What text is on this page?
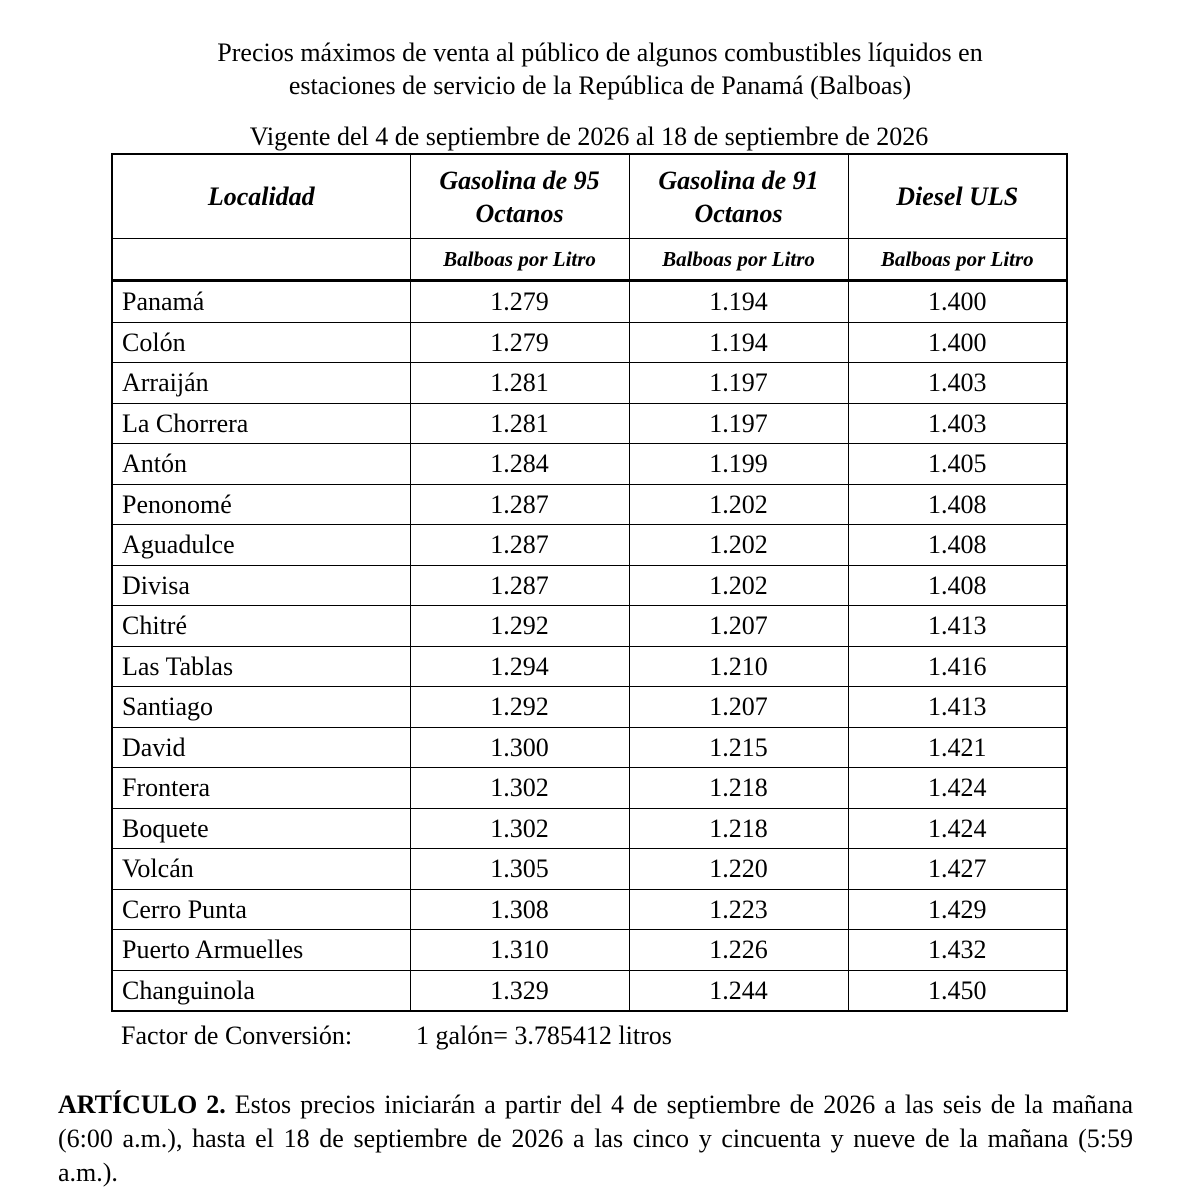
Precios máximos de venta al público de algunos combustibles líquidos en
estaciones de servicio de la República de Panamá (Balboas)
Vigente del 4 de septiembre de 2026 al 18 de septiembre de 2026
Localidad	Gasolina de 95 Octanos	Gasolina de 91 Octanos	Diesel ULS
	Balboas por Litro	Balboas por Litro	Balboas por Litro
Panamá	1.279	1.194	1.400
Colón	1.279	1.194	1.400
Arraiján	1.281	1.197	1.403
La Chorrera	1.281	1.197	1.403
Antón	1.284	1.199	1.405
Penonomé	1.287	1.202	1.408
Aguadulce	1.287	1.202	1.408
Divisa	1.287	1.202	1.408
Chitré	1.292	1.207	1.413
Las Tablas	1.294	1.210	1.416
Santiago	1.292	1.207	1.413
David	1.300	1.215	1.421
Frontera	1.302	1.218	1.424
Boquete	1.302	1.218	1.424
Volcán	1.305	1.220	1.427
Cerro Punta	1.308	1.223	1.429
Puerto Armuelles	1.310	1.226	1.432
Changuinola	1.329	1.244	1.450
Factor de Conversión: 1 galón= 3.785412 litros
ARTÍCULO 2. Estos precios iniciarán a partir del 4 de septiembre de 2026 a las seis de la mañana (6:00 a.m.), hasta el 18 de septiembre de 2026 a las cinco y cincuenta y nueve de la mañana (5:59 a.m.).
